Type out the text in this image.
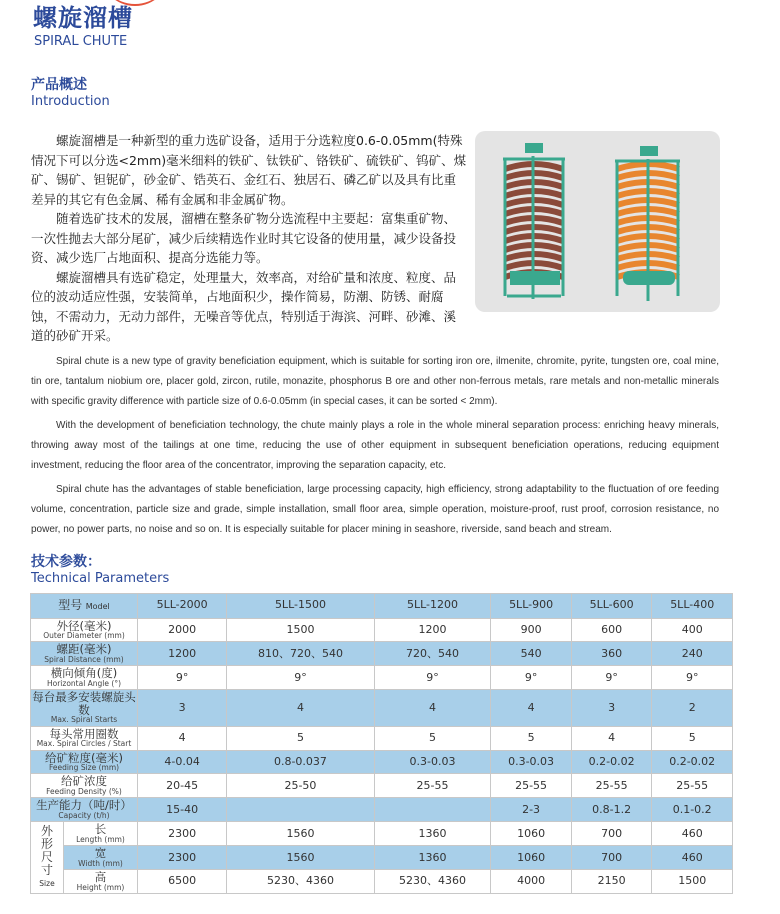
螺旋溜槽
SPIRAL CHUTE
产品概述
Introduction

螺旋溜槽是一种新型的重力选矿设备，适用于分选粒度0.6-0.05mm(特殊情况下可以分选<2mm)毫米细料的铁矿、钛铁矿、铬铁矿、硫铁矿、钨矿、煤矿、锡矿、钽铌矿，砂金矿、锆英石、金红石、独居石、磷乙矿以及具有比重差异的其它有色金属、稀有金属和非金属矿物。

随着选矿技术的发展，溜槽在整条矿物分选流程中主要起：富集重矿物、一次性抛去大部分尾矿，减少后续精选作业时其它设备的使用量，减少设备投资、减少选厂占地面积、提高分选能力等。

螺旋溜槽具有选矿稳定，处理量大，效率高，对给矿量和浓度、粒度、品位的波动适应性强，安装简单，占地面积少，操作简易，防潮、防锈、耐腐蚀，不需动力，无动力部件，无噪音等优点，特别适于海滨、河畔、砂滩、溪道的砂矿开采。

Spiral chute is a new type of gravity beneficiation equipment, which is suitable for sorting iron ore, ilmenite, chromite, pyrite, tungsten ore, coal mine, tin ore, tantalum niobium ore, placer gold, zircon, rutile, monazite, phosphorus B ore and other non-ferrous metals, rare metals and non-metallic minerals with specific gravity difference with particle size of 0.6-0.05mm (in special cases, it can be sorted < 2mm).

With the development of beneficiation technology, the chute mainly plays a role in the whole mineral separation process: enriching heavy minerals, throwing away most of the tailings at one time, reducing the use of other equipment in subsequent beneficiation operations, reducing equipment investment, reducing the floor area of the concentrator, improving the separation capacity, etc.

Spiral chute has the advantages of stable beneficiation, large processing capacity, high efficiency, strong adaptability to the fluctuation of ore feeding volume, concentration, particle size and grade, simple installation, small floor area, simple operation, moisture-proof, rust proof, corrosion resistance, no power, no power parts, no noise and so on. It is especially suitable for placer mining in seashore, riverside, sand beach and stream.

技术参数：
Technical Parameters
型号 Model		5LL-2000	5LL-1500	5LL-1200	5LL-900	5LL-600	5LL-400

外径(毫米)
Outer Diameter (mm)		2000	1500	1200	900	600	400

螺距(毫米)
Spiral Distance (mm)		1200	810、720、540	720、540	540	360	240

横向倾角(度)
Horizontal Angle (°)		9°	9°	9°	9°	9°	9°

每台最多安装螺旋头数
Max. Spiral Starts		3	4	4	4	3	2

每头常用圈数
Max. Spiral Circles / Start		4	5	5	5	4	5

给矿粒度(毫米)
Feeding Size (mm)		4-0.04	0.8-0.037	0.3-0.03	0.3-0.03	0.2-0.02	0.2-0.02

给矿浓度
Feeding Density (%)		20-45	25-50	25-55	25-55	25-55	25-55

生产能力（吨/时）
Capacity (t/h)		15-40			2-3	0.8-1.2	0.1-0.2

外形尺寸
Size	长
Length (mm)	2300	1560	1360	1060	700	460

	宽
Width (mm)	2300	1560	1360	1060	700	460

	高
Height (mm)	6500	5230、4360	5230、4360	4000	2150	1500
